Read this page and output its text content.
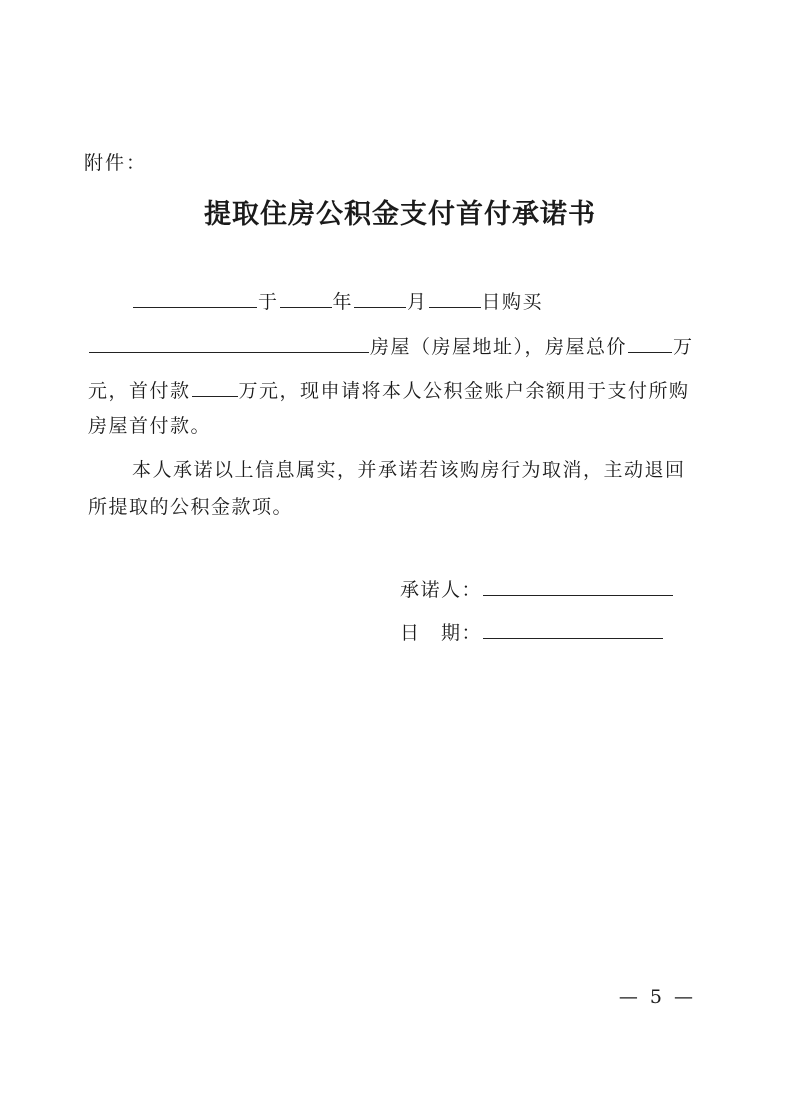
附件：
提取住房公积金支付首付承诺书
于	年	月	日购买
房屋（房屋地址），房屋总价 万
元，首付款	万元，现申请将本人公积金账户余额用于支付所购
房屋首付款。
本人承诺以上信息属实，并承诺若该购房行为取消，主动退回
所提取的公积金款项。
承诺人：
日　期：
— 5 —
